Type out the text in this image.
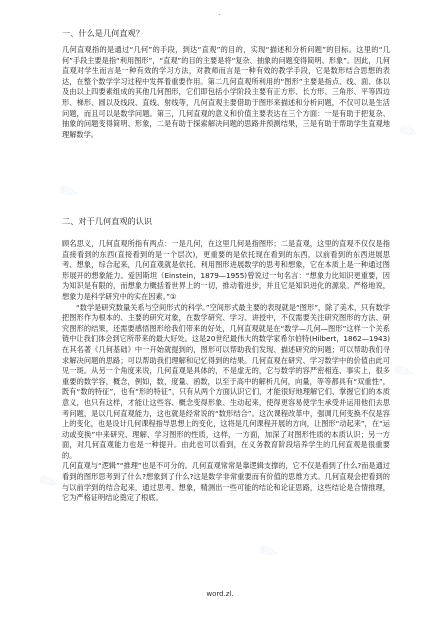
✎
✎
✎
✎
✎
✎
✎
.
一、什么是几何直观？

几何直观指的是通过“几何”的手段，到达“直观”的目的，实现“描述和分析问题”的目标。这里的“几何”手段主要是指“利用图形”，“直观”的目的主要是将“复杂、抽象的问题变得简明、形象”。因此，几何直观对学生而言是一种有效的学习方法，对教师而言是一种有效的教学手段，它是数形结合思想的表达，在整个数学学习过程中发挥着重要作用。第二几何直观所利用的“图形”主要是指点、线、面、体以及由以上四要素组成的其他几何图形，它们即包括小学阶段主要有正方形、长方形、三角形、平等四边形、梯形、圆以及线段、直线、射线等，几何直观主要借助于图形来描述和分析问题，不仅可以是生活问题，而且可以是数学问题。第三，几何直观的意义和价值主要表达在三个方面：一是有助于把复杂、抽象的问题变得简明、形象，二是有助于探索解决问题的思路并预测结果，三是有助于帮助学生直观地理解数学。

二、对于几何直观的认识

顾名思义，几何直观所指有两点：一是几何，在这里几何是指图形；二是直观，这里的直观不仅仅是指直接看到的东西(直接看到的是一个层次)，更重要的是依托现在看到的东西，以前看到的东西进展思考、想象，综合起来，几何直观就是依托、利用图形进展数学的思考和想象，它在本质上是一种通过图形展开的想象能力。爱因斯坦（Einstein，1879—1955)曾说过一句名言：“想象力比知识更重要，因为知识是有限的，而想象力概括着世界上的一切，推动着进步，并且它是知识进化的源泉。严格地说，想象力是科学研究中的实在因素。”①

“数学是研究数量关系与空间形式的科学。”空间形式最主要的表现就是“图形”，除了美术，只有数学把图形作为根本的、主要的研究对象，在数学研究、学习、讲授中，不仅需要关注研究图形的方法、研究图形的结果，还需要感悟图形给我们带来的好处，几何直观就是在“数学—几何—图形”这样一个关系链中让我们体会到它所带来的最大好处。这是20世纪最伟大的数学家希尔伯特(Hilbert，1862—1943)在其名著《几何基础》中一开始就提到的，图形可以帮助我们发现、描述研究的问题；可以帮助我们寻求解决问题的思路；可以帮助我们理解和记忆得到的结果。几何直观在研究、学习数学中的价值由此可见一斑。从另一个角度来说，几何直观是具体的，不是虚无的，它与数学的容严密相连、事实上，很多重要的数学容，概念，例如，数，度量、函数，以至于高中的解析几何，向量，等等都具有“双重性”，既有“数的特征”，也有“形的特征”，只有从两个方面认识它们，才能很好地理解它们、掌握它们的本质意义，也只有这样，才能让这些容、概念变得形象、生动起来，使得更容易使学生承受并运用他们去思考问题，是以几何直观能力，这也就是经常说的“数形结合”。这次课程改革中，强调几何变换不仅是容上的变化，也是设计几何课程指导思想上的变化，这将是几何课程开展的方向，让图形“动起来”，在“运动或变换”中来研究、理解、学习图形的性质，这样，一方面，加深了对图形性质的本质认识；另一方面，对几何直观能力也是一种提升。由此也可以看到，在义务教育阶段培养学生的几何直观是很重要的。

几何直观与“逻辑”“推理”也是不可分的。几何直观常常是靠逻辑支撑的，它不仅是看到了什么?而是通过看到的图形思考到了什么?想象到了什么?这是数学非常重要而有价值的思维方式。几何直观会把看到的与以前学到的结合起来，通过思考、想象，精测出一些可能的结论和论证思路，这些结论是合情推理，它为严格证明结论奠定了根底。

word.zl.
